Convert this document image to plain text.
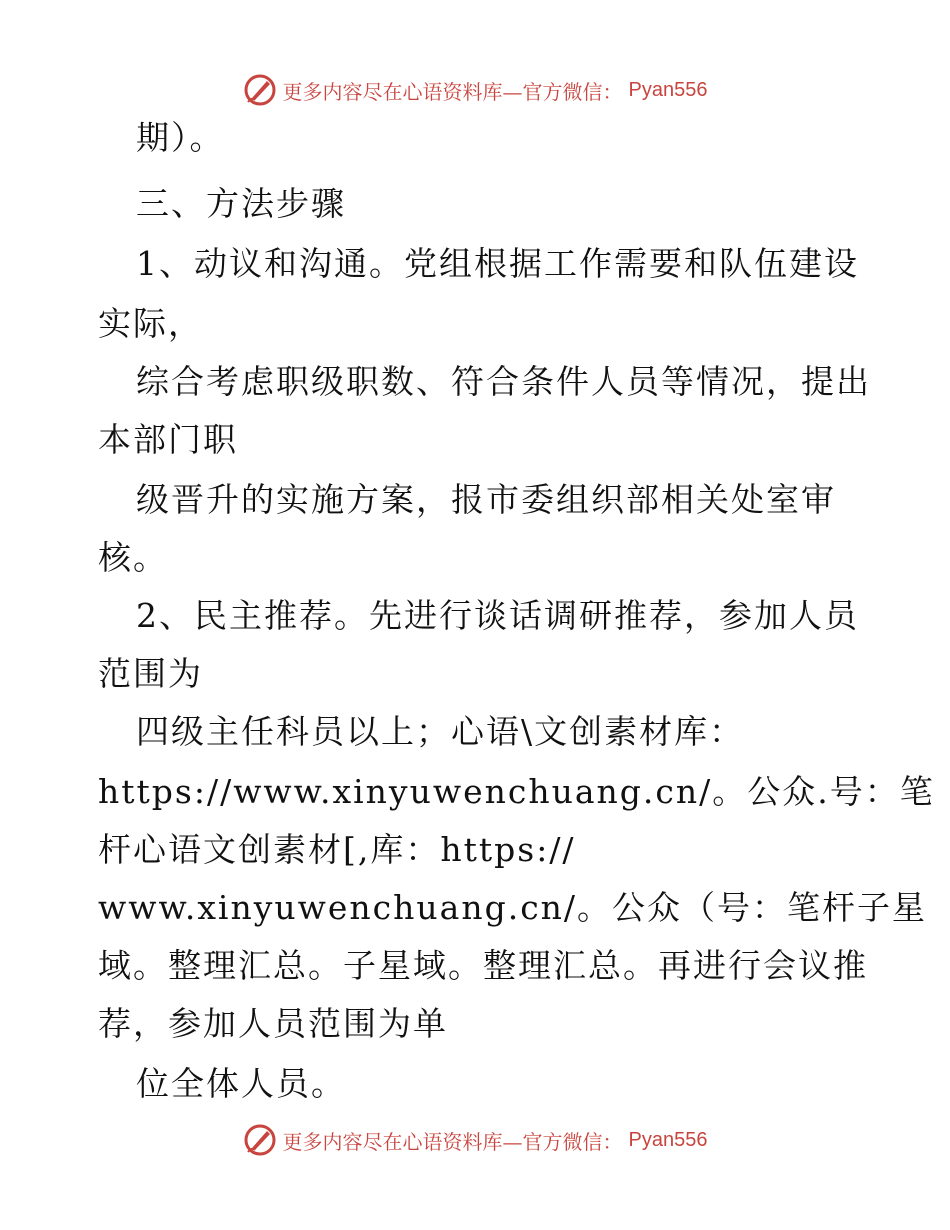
更多内容尽在心语资料库—官方微信： Pyan556
期）。
三、方法步骤
1、动议和沟通。党组根据工作需要和队伍建设
实际，
综合考虑职级职数、符合条件人员等情况，提出
本部门职
级晋升的实施方案，报市委组织部相关处室审
核。
2、民主推荐。先进行谈话调研推荐，参加人员
范围为
四级主任科员以上；心语\文创素材库：
https://www.xinyuwenchuang.cn/。公众.号：笔
杆心语文创素材[,库：https://
www.xinyuwenchuang.cn/。公众（号：笔杆子星
域。整理汇总。子星域。整理汇总。再进行会议推
荐，参加人员范围为单
位全体人员。
更多内容尽在心语资料库—官方微信： Pyan556
